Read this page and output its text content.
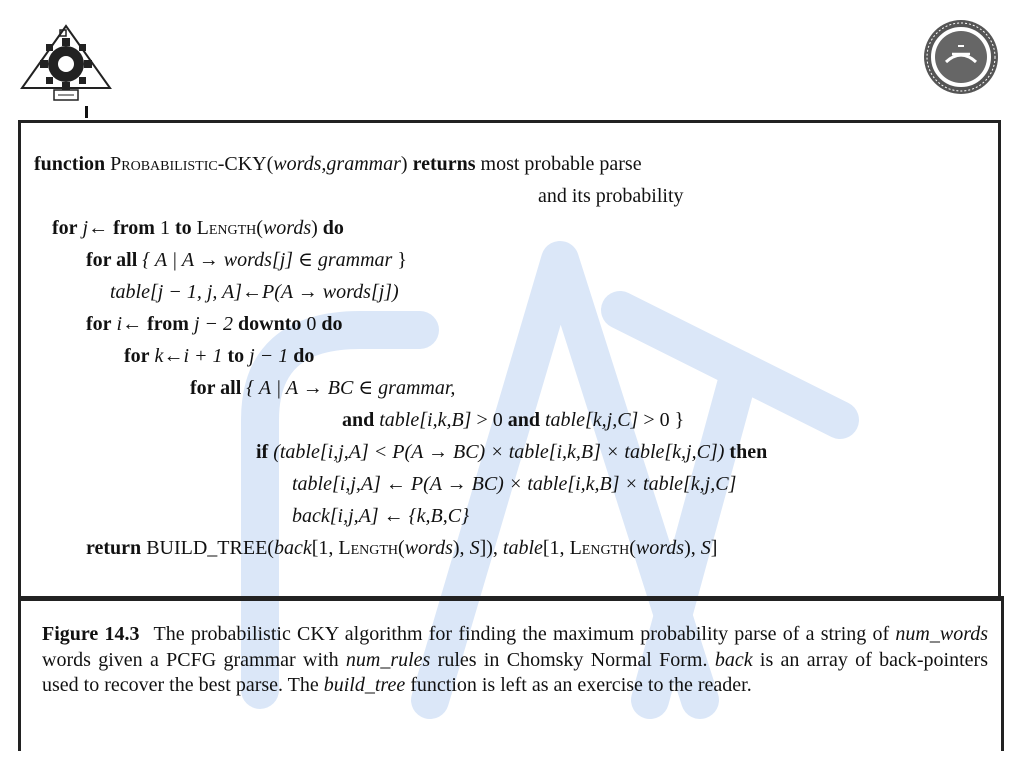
function Probabilistic-CKY(words,grammar) returns most probable parse
and its probability
for j← from 1 to Length(words) do
for all { A | A → words[j] ∈ grammar }
table[j − 1, j, A]←P(A → words[j])
for i← from j − 2 downto 0 do
for k←i + 1 to j − 1 do
for all { A | A → BC ∈ grammar,
and table[i,k,B] > 0 and table[k,j,C] > 0 }
if (table[i,j,A] < P(A → BC) × table[i,k,B] × table[k,j,C]) then
table[i,j,A] ← P(A → BC) × table[i,k,B] × table[k,j,C]
back[i,j,A] ← {k,B,C}
return BUILD_TREE(back[1, Length(words), S]), table[1, Length(words), S]
Figure 14.3 The probabilistic CKY algorithm for finding the maximum probability parse of a string of num_words words given a PCFG grammar with num_rules rules in Chomsky Normal Form. back is an array of back-pointers used to recover the best parse. The build_tree function is left as an exercise to the reader.
